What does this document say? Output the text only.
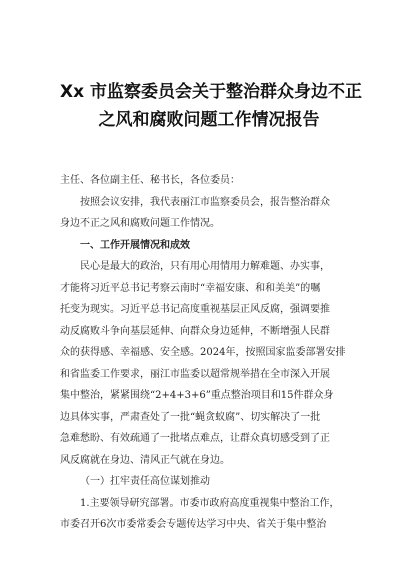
Xx 市监察委员会关于整治群众身边不正
之风和腐败问题工作情况报告

主任、各位副主任、秘书长，各位委员：

按照会议安排，我代表丽江市监察委员会，报告整治群众
身边不正之风和腐败问题工作情况。

一、工作开展情况和成效

民心是最大的政治，只有用心用情用力解难题、办实事，
才能将习近平总书记考察云南时“幸福安康、和和美美”的嘱
托变为现实。习近平总书记高度重视基层正风反腐，强调要推
动反腐败斗争向基层延伸、向群众身边延伸，不断增强人民群
众的获得感、幸福感、安全感。2024年，按照国家监委部署安排
和省监委工作要求，丽江市监委以超常规举措在全市深入开展
集中整治，紧紧围绕“2+4+3+6”重点整治项目和15件群众身
边具体实事，严肃查处了一批“蝇贪蚁腐”、切实解决了一批
急难愁盼、有效疏通了一批堵点难点，让群众真切感受到了正
风反腐就在身边、清风正气就在身边。

（一）扛牢责任高位谋划推动

1.主要领导研究部署。市委市政府高度重视集中整治工作，
市委召开6次市委常委会专题传达学习中央、省关于集中整治
